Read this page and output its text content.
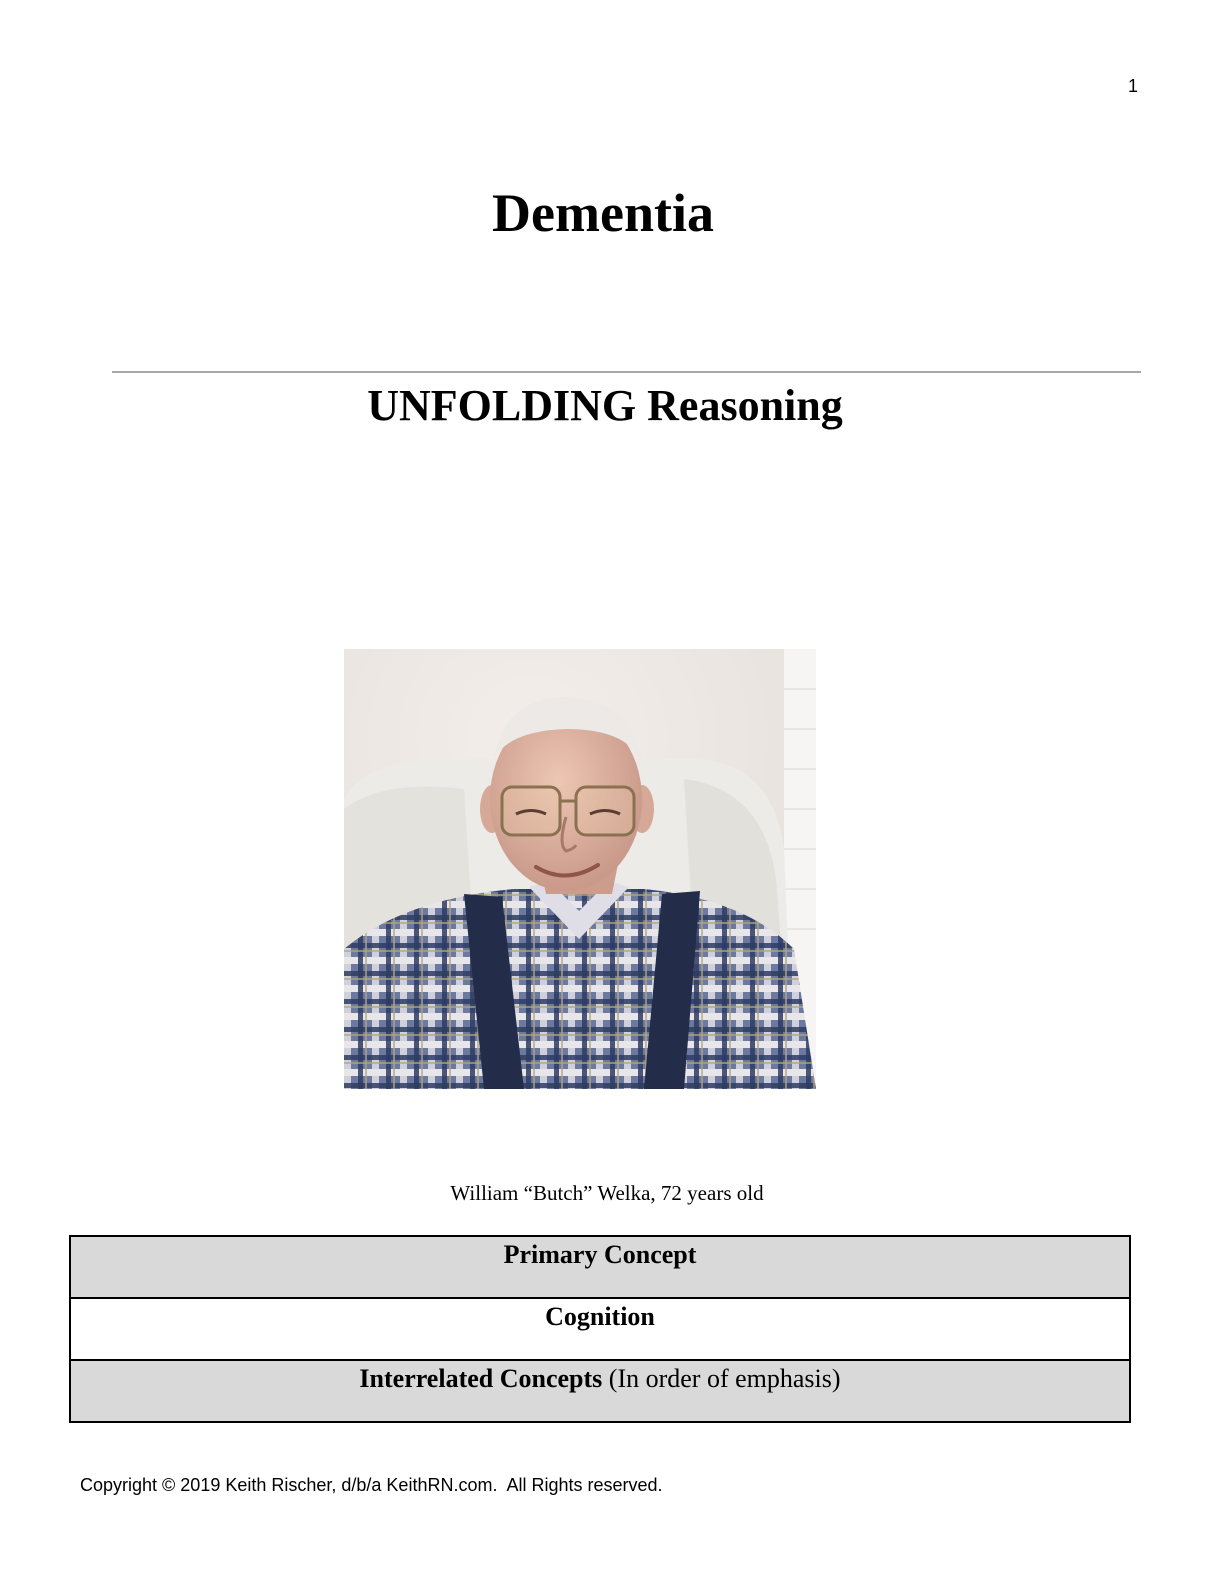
1
Dementia
UNFOLDING Reasoning
William “Butch” Welka, 72 years old
Primary Concept
Cognition
Interrelated Concepts (In order of emphasis)
Copyright © 2019 Keith Rischer, d/b/a KeithRN.com.  All Rights reserved.
